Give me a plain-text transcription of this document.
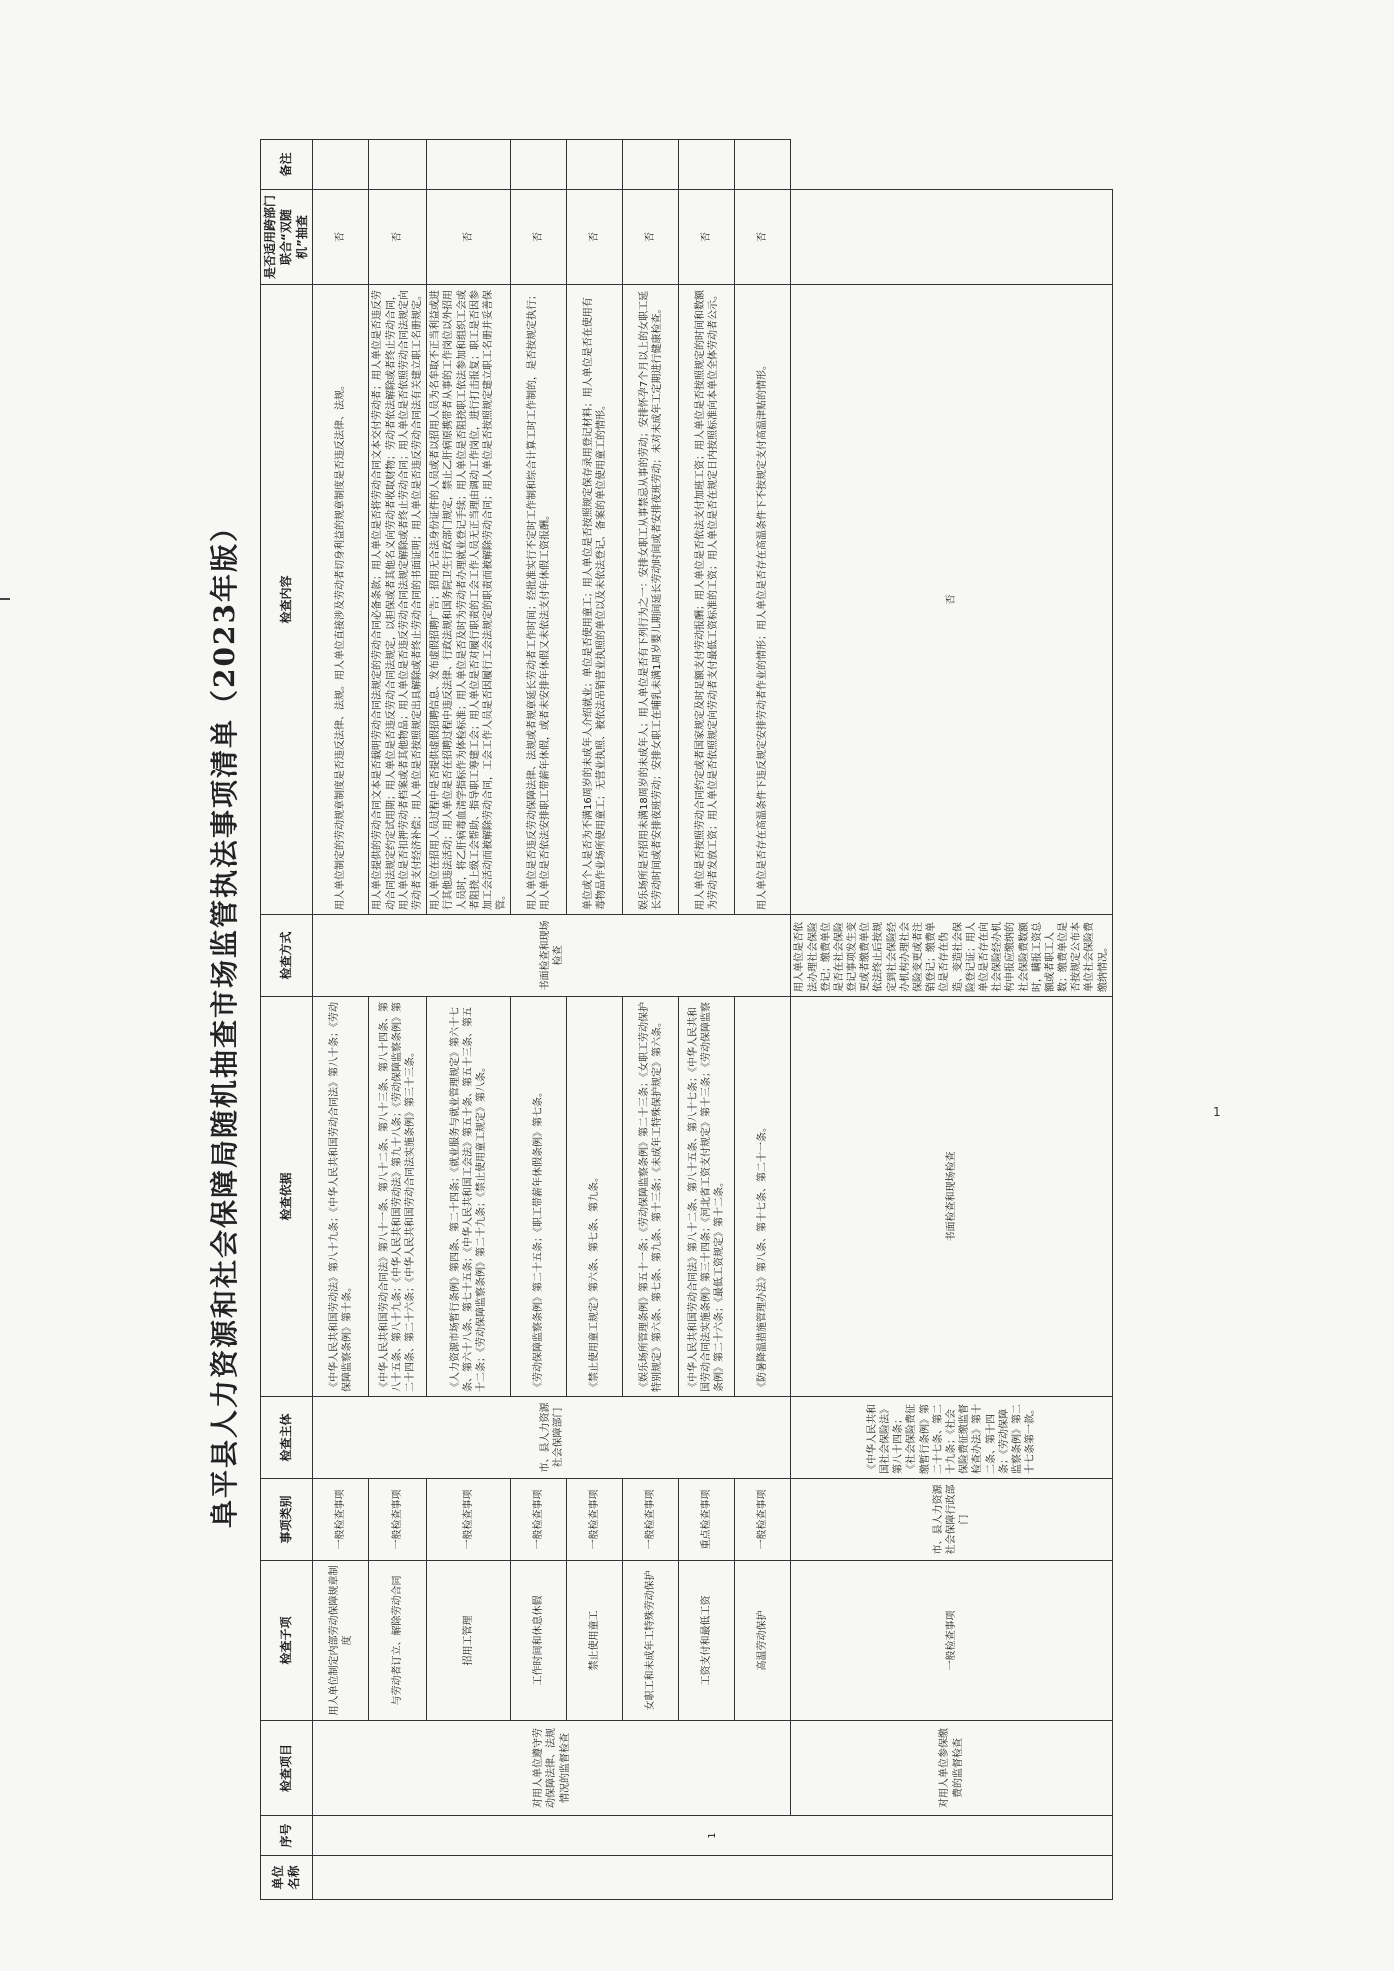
1
阜平县人力资源和社会保障局随机抽查市场监管执法事项清单（2023年版）
单位名称	序号	检查项目	检查子项	事项类别	检查主体	检查依据	检查方式	检查内容	是否适用跨部门联合“双随机”抽查	备注
	1	对用人单位遵守劳动保障法律、法规情况的监督检查	用人单位制定内部劳动保障规章制度	一般检查事项	市、县人力资源社会保障部门	《中华人民共和国劳动法》第八十九条；《中华人民共和国劳动合同法》第八十条；《劳动保障监察条例》第十条。	书面检查和现场检查	用人单位制定的劳动规章制度是否违反法律、法规。用人单位直接涉及劳动者切身利益的规章制度是否违反法律、法规。	否	
			与劳动者订立、解除劳动合同	一般检查事项		《中华人民共和国劳动合同法》第八十一条、第八十二条、第八十三条、第八十四条、第八十五条、第八十九条；《中华人民共和国劳动法》第九十八条；《劳动保障监察条例》第二十四条、第二十六条；《中华人民共和国劳动合同法实施条例》第三十三条。		用人单位提供的劳动合同文本是否载明劳动合同法规定的劳动合同必备条款；用人单位是否将劳动合同文本交付劳动者；用人单位是否违反劳动合同法规定约定试用期；用人单位是否违反劳动合同法规定，以担保或者其他名义向劳动者收取财物；劳动者依法解除或者终止劳动合同，用人单位是否扣押劳动者档案或者其他物品；用人单位是否违反劳动合同法规定解除或者终止劳动合同；用人单位是否依照劳动合同法规定向劳动者支付经济补偿；用人单位是否按照规定出具解除或者终止劳动合同的书面证明；用人单位是否违反劳动合同法有关建立职工名册规定。	否	
			招用工管理	一般检查事项		《人力资源市场暂行条例》第四条、第二十四条；《就业服务与就业管理规定》第六十七条、第六十八条、第七十五条；《中华人民共和国工会法》第五十条、第五十三条、第五十二条；《劳动保障监察条例》第二十九条；《禁止使用童工规定》第八条。		用人单位在招用人员过程中是否提供虚假招聘信息、发布虚假招聘广告；招用无合法身份证件的人员或者以招用人员为名牟取不正当利益或进行其他违法活动；用人单位是否在招聘过程中违反法律、行政法规和国务院卫生行政部门规定，禁止乙肝病原携带者从事的工作岗位以外招用人员时，将乙肝病毒血清学指标作为体检标准；用人单位是否及时为劳动者办理就业登记手续；用人单位是否阻挠职工依法参加和组织工会或者阻挠上级工会帮助、指导职工筹建工会；用人单位是否对履行职责的工会工作人员无正当理由调动工作岗位，进行打击报复；职工是否因参加工会活动而被解除劳动合同，工会工作人员是否因履行工会法规定的职责而被解除劳动合同；用人单位是否按照规定建立职工名册并妥善保管。	否	
			工作时间和休息休假	一般检查事项		《劳动保障监察条例》第二十五条；《职工带薪年休假条例》第七条。		用人单位是否违反劳动保障法律、法规或者规章延长劳动者工作时间；经批准实行不定时工作制和综合计算工时工作制的，是否按规定执行；用人单位是否依法安排职工带薪年休假，或者未安排年休假又未依法支付年休假工资报酬。	否	
			禁止使用童工	一般检查事项		《禁止使用童工规定》第六条、第七条、第九条。		单位或个人是否为不满16周岁的未成年人介绍就业；单位是否使用童工；用人单位是否按照规定保存录用登记材料；用人单位是否在使用有毒物品作业场所使用童工；无营业执照、被依法吊销营业执照的单位以及未依法登记、备案的单位使用童工的情形。	否	
			女职工和未成年工特殊劳动保护	一般检查事项		《娱乐场所管理条例》第五十一条；《劳动保障监察条例》第二十三条；《女职工劳动保护特别规定》第六条、第七条、第九条、第十三条；《未成年工特殊保护规定》第六条。		娱乐场所是否招用未满18周岁的未成年人；用人单位是否有下列行为之一：安排女职工从事禁忌从事的劳动；安排怀孕7个月以上的女职工延长劳动时间或者安排夜班劳动；安排女职工在哺乳未满1周岁婴儿期间延长劳动时间或者安排夜班劳动；未对未成年工定期进行健康检查。	否	
			工资支付和最低工资	重点检查事项		《中华人民共和国劳动合同法》第八十二条、第八十五条、第八十七条；《中华人民共和国劳动合同法实施条例》第三十四条；《河北省工资支付规定》第十三条；《劳动保障监察条例》第二十六条；《最低工资规定》第十二条。		用人单位是否按照劳动合同约定或者国家规定及时足额支付劳动报酬；用人单位是否依法支付加班工资；用人单位是否按照规定的时间和数额为劳动者发放工资；用人单位是否依照规定向劳动者支付最低工资标准的工资；用人单位是否在规定日内按照标准向本单位全体劳动者公示。	否	
			高温劳动保护	一般检查事项		《防暑降温措施管理办法》第八条、第十七条、第二十一条。		用人单位是否存在高温条件下违反规定安排劳动者作业的情形；用人单位是否存在高温条件下不按规定支付高温津贴的情形。	否	
		对用人单位参保缴费的监督检查	一般检查事项	市、县人力资源社会保障行政部门	《中华人民共和国社会保险法》第八十四条；《社会保险费征缴暂行条例》第二十七条、第二十九条；《社会保险费征缴监督检查办法》第十二条、第十四条；《劳动保障监察条例》第二十七条第一款。	书面检查和现场检查	用人单位是否依法办理社会保险登记；缴费单位是否在社会保险登记事项发生变更或者缴费单位依法终止后按规定到社会保险经办机构办理社会保险变更或者注销登记；缴费单位是否存在伪造、变造社会保险登记证；用人单位是否存在向社会保险经办机构申报应缴纳的社会保险费数额时，瞒报工资总额或者职工人数；缴费单位是否按规定公布本单位社会保险费缴纳情况。	否		
